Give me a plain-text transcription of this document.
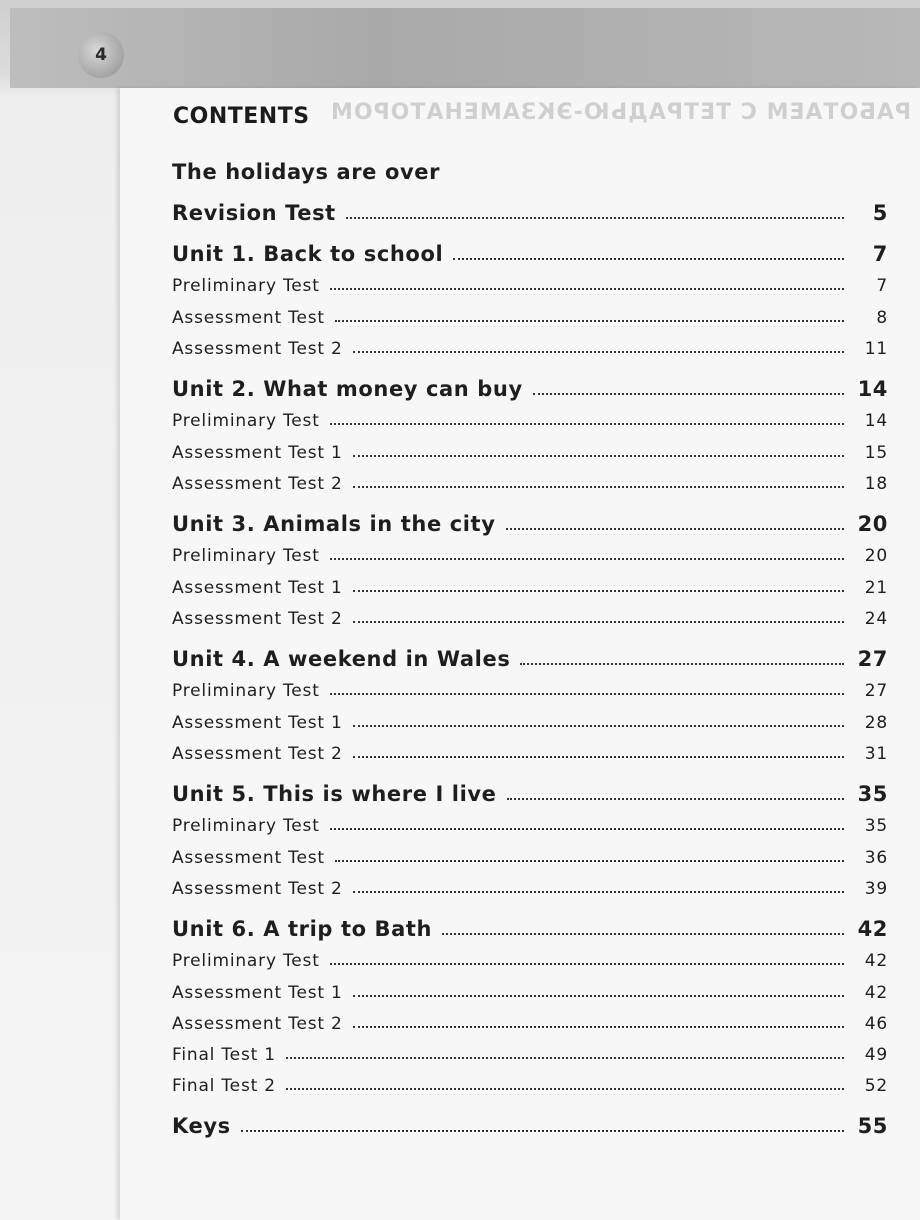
4
РАБОТАЕМ С ТЕТРАДЬЮ-ЭКЗАМЕНАТОРОМ
CONTENTS
The holidays are over
Revision Test	5
Unit 1. Back to school	7
Preliminary Test	7
Assessment Test	8
Assessment Test 2	11
Unit 2. What money can buy	14
Preliminary Test	14
Assessment Test 1	15
Assessment Test 2	18
Unit 3. Animals in the city	20
Preliminary Test	20
Assessment Test 1	21
Assessment Test 2	24
Unit 4. A weekend in Wales	27
Preliminary Test	27
Assessment Test 1	28
Assessment Test 2	31
Unit 5. This is where I live	35
Preliminary Test	35
Assessment Test	36
Assessment Test 2	39
Unit 6. A trip to Bath	42
Preliminary Test	42
Assessment Test 1	42
Assessment Test 2	46
Final Test 1	49
Final Test 2	52
Keys	55
